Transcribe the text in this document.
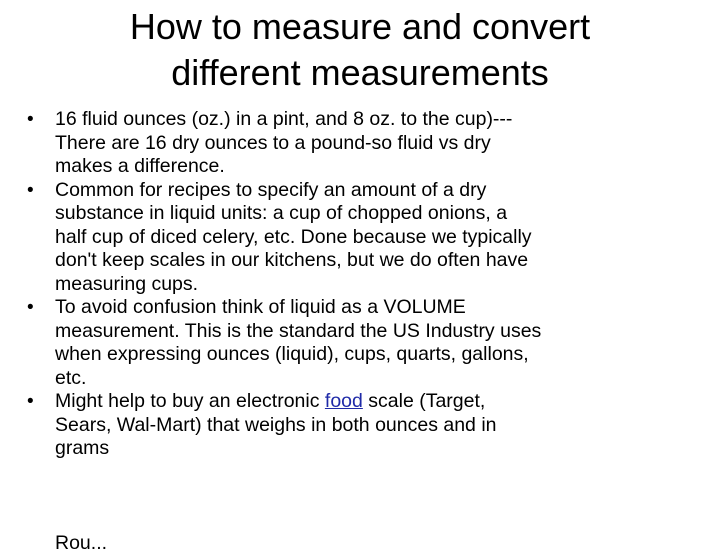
How to measure and convert
different measurements
•	16 fluid ounces (oz.) in a pint, and 8 oz. to the cup)---
There are 16 dry ounces to a pound-so fluid vs dry
makes a difference.
•	Common for recipes to specify an amount of a dry
substance in liquid units: a cup of chopped onions, a
half cup of diced celery, etc. Done because we typically
don't keep scales in our kitchens, but we do often have
measuring cups.
•	To avoid confusion think of liquid as a VOLUME
measurement. This is the standard the US Industry uses
when expressing ounces (liquid), cups, quarts, gallons,
etc.
•	Might help to buy an electronic food scale (Target,
Sears, Wal-Mart) that weighs in both ounces and in
grams
Rou...
